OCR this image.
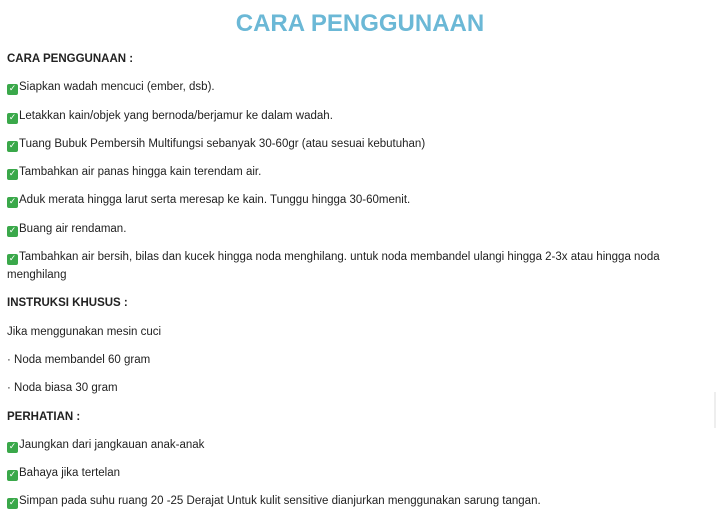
CARA PENGGUNAAN

CARA PENGGUNAAN :

✓ Siapkan wadah mencuci (ember, dsb).

✓ Letakkan kain/objek yang bernoda/berjamur ke dalam wadah.

✓ Tuang Bubuk Pembersih Multifungsi sebanyak 30-60gr (atau sesuai kebutuhan)

✓ Tambahkan air panas hingga kain terendam air.

✓ Aduk merata hingga larut serta meresap ke kain. Tunggu hingga 30-60menit.

✓ Buang air rendaman.

✓ Tambahkan air bersih, bilas dan kucek hingga noda menghilang. untuk noda membandel ulangi hingga 2-3x atau hingga noda menghilang

INSTRUKSI KHUSUS :

Jika menggunakan mesin cuci

· Noda membandel 60 gram

· Noda biasa 30 gram

PERHATIAN :

✓ Jaungkan dari jangkauan anak-anak

✓ Bahaya jika tertelan

✓ Simpan pada suhu ruang 20 -25 Derajat Untuk kulit sensitive dianjurkan menggunakan sarung tangan.
